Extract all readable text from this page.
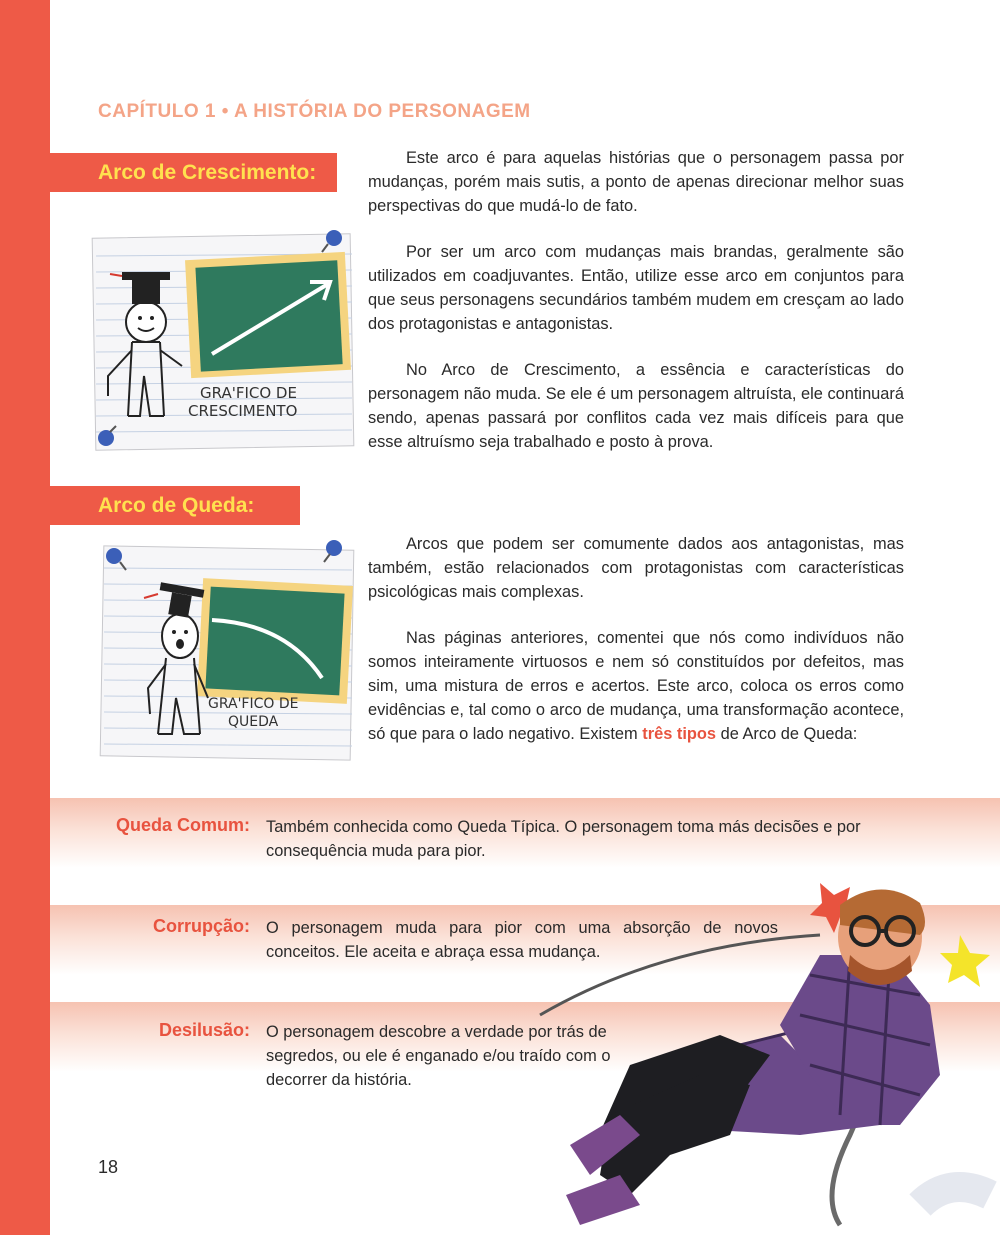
CAPÍTULO 1 • A HISTÓRIA DO PERSONAGEM
Arco de Crescimento:
GRA'FICO DE
CRESCIMENTO

Este arco é para aquelas histórias que o personagem passa por mudanças, porém mais sutis, a ponto de apenas direcionar melhor suas perspectivas do que mudá-lo de fato.

Por ser um arco com mudanças mais brandas, geralmente são utilizados em coadjuvantes. Então, utilize esse arco em conjuntos para que seus personagens secundários também mudem em cresçam ao lado dos protagonistas e antagonistas.

No Arco de Crescimento, a essência e características do personagem não muda. Se ele é um personagem altruísta, ele continuará sendo, apenas passará por conflitos cada vez mais difíceis para que esse altruísmo seja trabalhado e posto à prova.

Arco de Queda:
GRA'FICO DE
QUEDA

Arcos que podem ser comumente dados aos antagonistas, mas também, estão relacionados com protagonistas com características psicológicas mais complexas.

Nas páginas anteriores, comentei que nós como indivíduos não somos inteiramente virtuosos e nem só constituídos por defeitos, mas sim, uma mistura de erros e acertos. Este arco, coloca os erros como evidências e, tal como o arco de mudança, uma transformação acontece, só que para o lado negativo. Existem três tipos de Arco de Queda:

Queda Comum: Também conhecida como Queda Típica. O personagem toma más decisões e por consequência muda para pior.

Corrupção: O personagem muda para pior com uma absorção de novos conceitos. Ele aceita e abraça essa mudança.

Desilusão: O personagem descobre a verdade por trás de segredos, ou ele é enganado e/ou traído com o decorrer da história.

18
